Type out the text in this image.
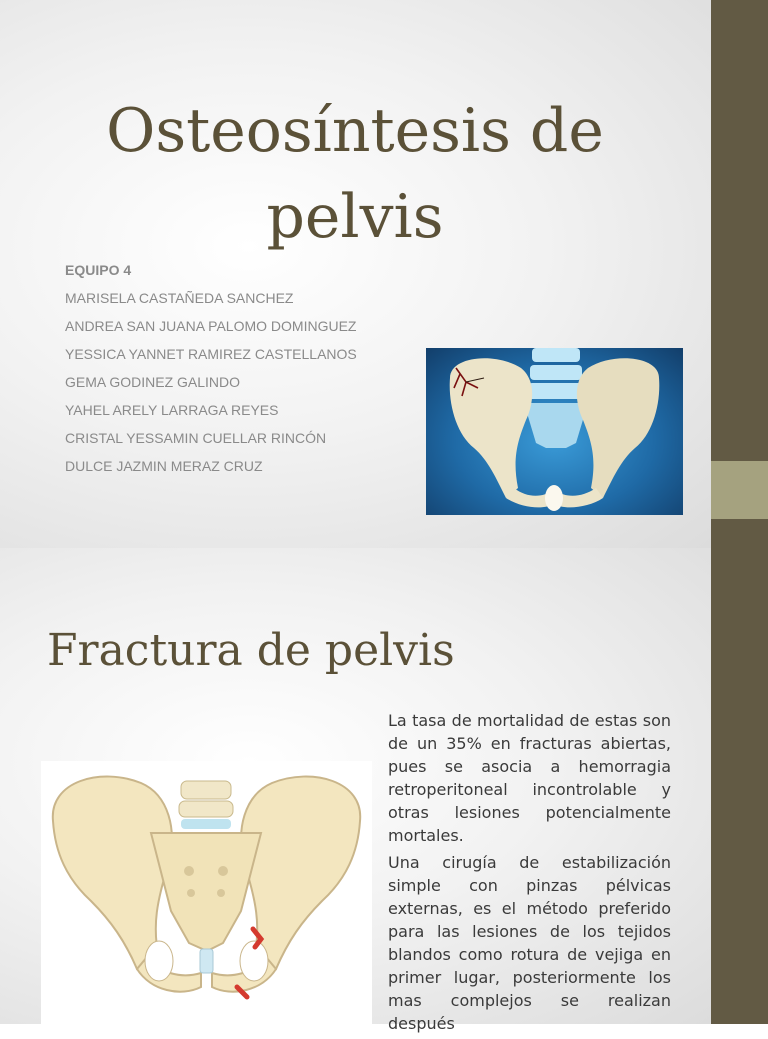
Osteosíntesis de pelvis
EQUIPO 4
MARISELA CASTAÑEDA SANCHEZ
ANDREA SAN JUANA PALOMO DOMINGUEZ
YESSICA YANNET RAMIREZ CASTELLANOS
GEMA GODINEZ GALINDO
YAHEL ARELY LARRAGA REYES
CRISTAL YESSAMIN CUELLAR RINCÓN
DULCE JAZMIN MERAZ CRUZ
Fractura de pelvis

La tasa de mortalidad de estas son de un 35% en fracturas abiertas, pues se asocia a hemorragia retroperitoneal incontrolable y otras lesiones potencialmente mortales.

Una cirugía de estabilización simple con pinzas pélvicas externas, es el método preferido para las lesiones de los tejidos blandos como rotura de vejiga en primer lugar, posteriormente los mas complejos se realizan después
